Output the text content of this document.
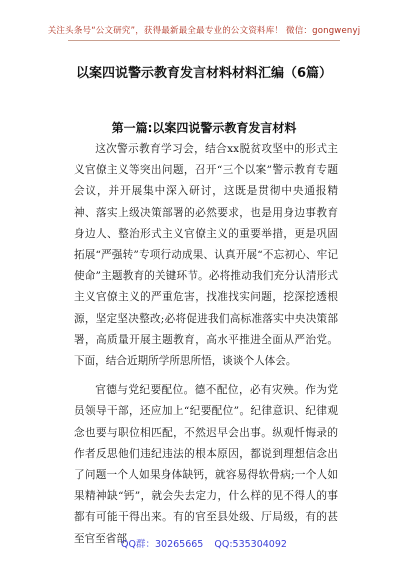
关注头条号“公文研究”，获得最新最全最专业的公文资料库！ 微信：gongwenyj
以案四说警示教育发言材料材料汇编（6篇）
第一篇:以案四说警示教育发言材料

这次警示教育学习会，结合xx脱贫攻坚中的形式主义官僚主义等突出问题，召开“三个以案”警示教育专题会议，并开展集中深入研讨，这既是贯彻中央通报精神、落实上级决策部署的必然要求，也是用身边事教育身边人、整治形式主义官僚主义的重要举措，更是巩固拓展“严强转”专项行动成果、认真开展“不忘初心、牢记使命”主题教育的关键环节。必将推动我们充分认清形式主义官僚主义的严重危害，找准找实问题，挖深挖透根源，坚定坚决整改;必将促进我们高标准落实中央决策部署，高质量开展主题教育，高水平推进全面从严治党。下面，结合近期所学所思所悟，谈谈个人体会。

官德与党纪要配位。德不配位，必有灾殃。作为党员领导干部，还应加上“纪要配位”。纪律意识、纪律观念也要与职位相匹配，不然迟早会出事。纵观忏悔录的作者反思他们违纪违法的根本原因，都说到理想信念出了问题一个人如果身体缺钙，就容易得软骨病;一个人如果精神缺“钙”，就会失去定力，什么样的见不得人的事都有可能干得出来。有的官至县处级、厅局级，有的甚至官至省部

QQ群：30265665 QQ:535304092
